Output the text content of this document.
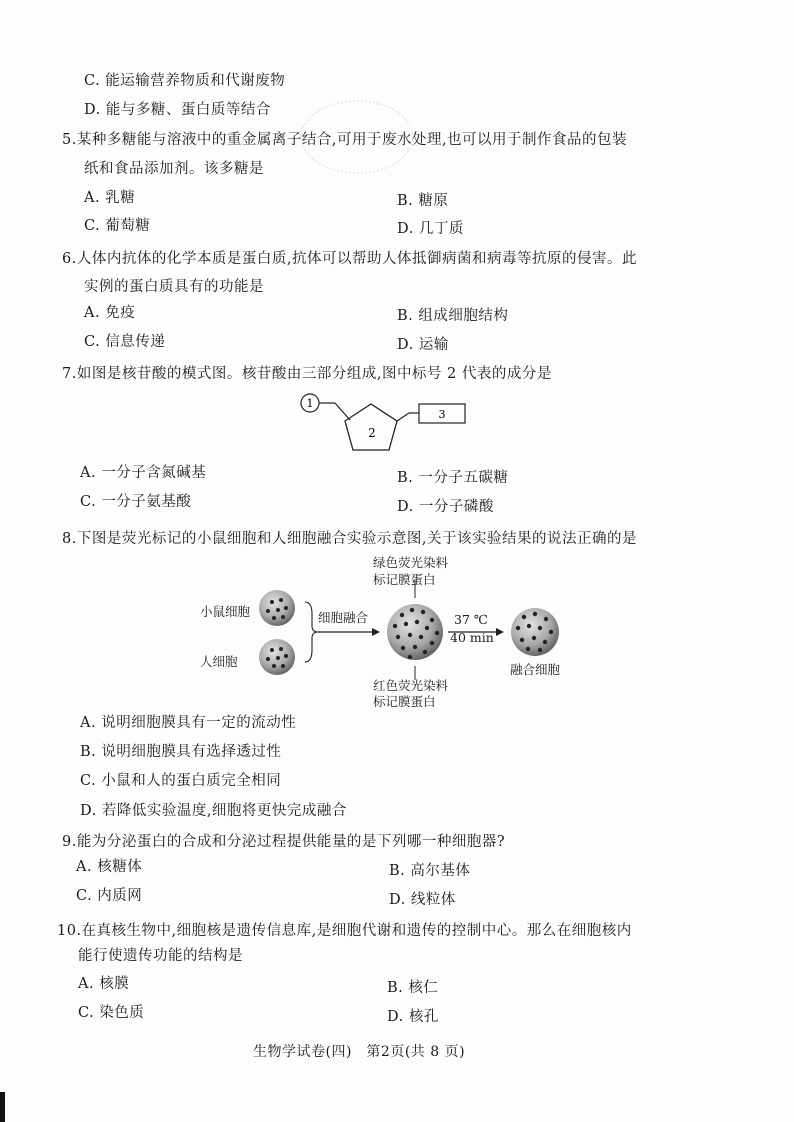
C. 能运输营养物质和代谢废物
D. 能与多糖、蛋白质等结合
5.某种多糖能与溶液中的重金属离子结合,可用于废水处理,也可以用于制作食品的包装
纸和食品添加剂。该多糖是
A. 乳糖	B. 糖原
C. 葡萄糖	D. 几丁质
6.人体内抗体的化学本质是蛋白质,抗体可以帮助人体抵御病菌和病毒等抗原的侵害。此
实例的蛋白质具有的功能是
A. 免疫	B. 组成细胞结构
C. 信息传递	D. 运输
7.如图是核苷酸的模式图。核苷酸由三部分组成,图中标号 2 代表的成分是
1
2
3
A. 一分子含氮碱基	B. 一分子五碳糖
C. 一分子氨基酸	D. 一分子磷酸
8.下图是荧光标记的小鼠细胞和人细胞融合实验示意图,关于该实验结果的说法正确的是
绿色荧光染料
标记膜蛋白
小鼠细胞
人细胞
细胞融合	37 ℃
40 min
红色荧光染料
标记膜蛋白
融合细胞
A. 说明细胞膜具有一定的流动性
B. 说明细胞膜具有选择透过性
C. 小鼠和人的蛋白质完全相同
D. 若降低实验温度,细胞将更快完成融合
9.能为分泌蛋白的合成和分泌过程提供能量的是下列哪一种细胞器?
A. 核糖体	B. 高尔基体
C. 内质网	D. 线粒体
10.在真核生物中,细胞核是遗传信息库,是细胞代谢和遗传的控制中心。那么在细胞核内
能行使遗传功能的结构是
A. 核膜	B. 核仁
C. 染色质	D. 核孔
生物学试卷(四)　第2页(共 8 页)
